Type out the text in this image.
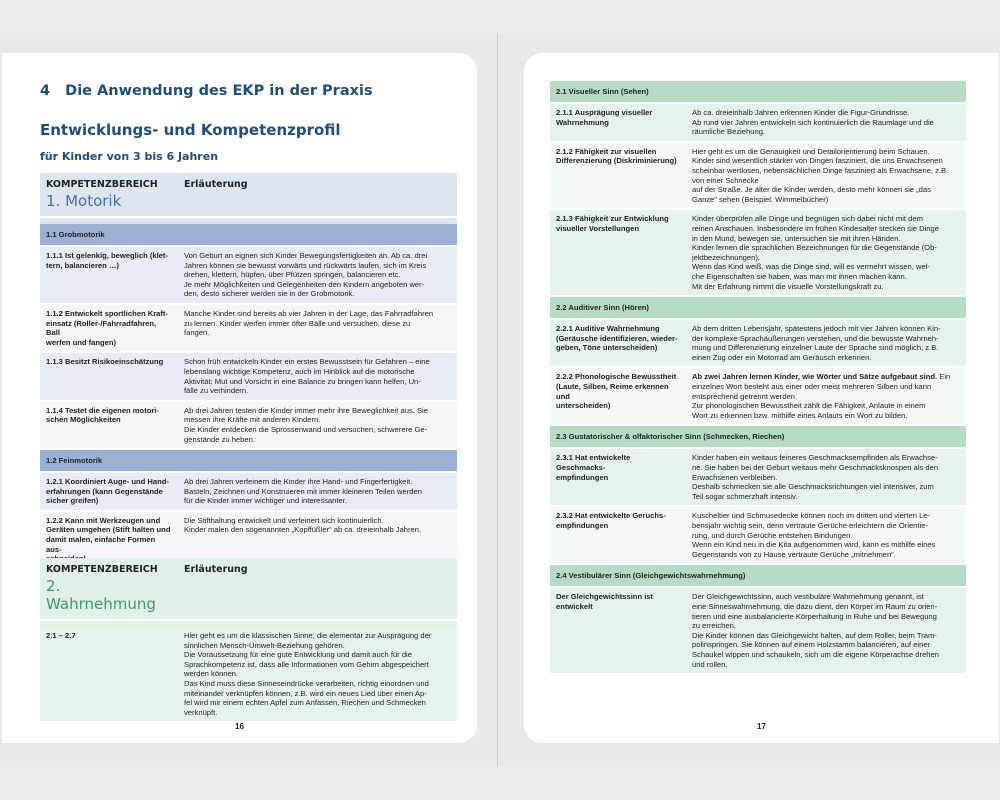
4 Die Anwendung des EKP in der Praxis
Entwicklungs- und Kompetenzprofil
für Kinder von 3 bis 6 Jahren
KOMPETENZBEREICH
1. Motorik
Erläuterung
1.1 Grobmotorik
1.1.1 Ist gelenkig, beweglich (klet-
tern, balancieren …)
Von Geburt an eignen sich Kinder Bewegungsfertigkeiten an. Ab ca. drei
Jahren können sie bewusst vorwärts und rückwärts laufen, sich im Kreis
drehen, klettern, hüpfen, über Pfützen springen, balancieren etc.
Je mehr Möglichkeiten und Gelegenheiten den Kindern angeboten wer-
den, desto sicherer werden sie in der Grobmotorik.
1.1.2 Entwickelt sportlichen Kraft-
einsatz (Roller-/Fahrradfahren, Ball
werfen und fangen)
Manche Kinder sind bereits ab vier Jahren in der Lage, das Fahrradfahren
zu lernen. Kinder werfen immer öfter Bälle und versuchen, diese zu
fangen.
1.1.3 Besitzt Risikoeinschätzung	Schon früh entwickeln Kinder ein erstes Bewusstsein für Gefahren – eine
lebenslang wichtige Kompetenz, auch im Hinblick auf die motorische
Aktivität: Mut und Vorsicht in eine Balance zu bringen kann helfen, Un-
fälle zu verhindern.
1.1.4 Testet die eigenen motori-
schen Möglichkeiten
Ab drei Jahren testen die Kinder immer mehr ihre Beweglichkeit aus. Sie
messen ihre Kräfte mit anderen Kindern.
Die Kinder entdecken die Sprossenwand und versuchen, schwerere Ge-
genstände zu heben.
1.2 Feinmotorik
1.2.1 Koordiniert Auge- und Hand-
erfahrungen (kann Gegenstände
sicher greifen)
Ab drei Jahren verfeinern die Kinder ihre Hand- und Fingerfertigkeit.
Basteln, Zeichnen und Konstruieren mit immer kleineren Teilen werden
für die Kinder immer wichtiger und interessanter.
1.2.2 Kann mit Werkzeugen und
Geräten umgehen (Stift halten und
damit malen, einfache Formen aus-

Die Stifthaltung entwickelt und verfeinert sich kontinuierlich.
Kinder malen den sogenannten „Kopffüßler“ ab ca. dreieinhalb Jahren.
KOMPETENZBEREICH
2. Wahrnehmung
Erläuterung
2.1 – 2.7	Hier geht es um die klassischen Sinne, die elementar zur Ausprägung der
sinnlichen Mensch-Umwelt-Beziehung gehören.
Die Voraussetzung für eine gute Entwicklung und damit auch für die
Sprachkompetenz ist, dass alle Informationen vom Gehirn abgespeichert
werden können.
Das Kind muss diese Sinneseindrücke verarbeiten, richtig einordnen und
miteinander verknüpfen können, z.B. wird ein neues Lied über einen Ap-
fel wird mir einem echten Apfel zum Anfassen, Riechen und Schmecken
verknüpft.
16
2.1 Visueller Sinn (Sehen)
2.1.1 Ausprägung visueller
Wahrnehmung
Ab ca. dreieinhalb Jahren erkennen Kinder die Figur-Grundrisse.
Ab rund vier Jahren entwickeln sich kontinuierlich die Raumlage und die
räumliche Beziehung.
2.1.2 Fähigkeit zur visuellen
Differenzierung (Diskriminierung)
Hier geht es um die Genauigkeit und Detailorientierung beim Schauen.
Kinder sind wesentlich stärker von Dingen fasziniert, die uns Erwachsenen
scheinbar wertlosen, nebensächlichen Dinge fasziniert als Erwachsene, z.B. von einer Schnecke
auf der Straße. Je älter die Kinder werden, desto mehr können sie „das
Ganze“ sehen (Beispiel: Wimmelbücher)
2.1.3 Fähigkeit zur Entwicklung
visueller Vorstellungen
Kinder überprüfen alle Dinge und begnügen sich dabei nicht mit dem
reinen Anschauen. Insbesondere im frühen Kindesalter stecken sie Dinge
in den Mund, bewegen sie, untersuchen sie mit ihren Händen.
Kinder lernen die sprachlichen Bezeichnungen für die Gegenstände (Ob-
jektbezeichnungen).
Wenn das Kind weiß, was die Dinge sind, will es vermehrt wissen, wel-
che Eigenschaften sie haben, was man mit ihnen machen kann.
Mit der Erfahrung nimmt die visuelle Vorstellungskraft zu.
2.2 Auditiver Sinn (Hören)
2.2.1 Auditive Wahrnehmung
(Geräusche identifizieren, wieder-
geben, Töne unterscheiden)
Ab dem dritten Lebensjahr, spätestens jedoch mit vier Jahren können Kin-
der komplexe Sprachäußerungen verstehen, und die bewusste Wahrneh-
mung und Differenzierung einzelner Laute der Sprache sind möglich; z.B.
einen Zug oder ein Motorrad am Geräusch erkennen.
2.2.2 Phonologische Bewusstheit
(Laute, Silben, Reime erkennen und
unterscheiden)
Ab zwei Jahren lernen Kinder, wie Wörter und Sätze aufgebaut sind. Ein
einzelnes Wort besteht aus einer oder meist mehreren Silben und kann
entsprechend getrennt werden.
Zur phonologischen Bewusstheit zählt die Fähigkeit, Anlaute in einem
Wort zu erkennen bzw. mithilfe eines Anlauts ein Wort zu bilden.
2.3 Gustatorischer & olfaktorischer Sinn (Schmecken, Riechen)
2.3.1 Hat entwickelte Geschmacks-
empfindungen
Kinder haben ein weitaus feineres Geschmacksempfinden als Erwachse-
ne. Sie haben bei der Geburt weitaus mehr Geschmacksknospen als den
Erwachsenen verbleiben.
Deshalb schmecken sie alle Geschmacksrichtungen viel intensiver, zum
Teil sogar schmerzhaft intensiv.
2.3.2 Hat entwickelte Geruchs-
empfindungen
Kuscheltier und Schmusedecke können noch im dritten und vierten Le-
bensjahr wichtig sein, denn vertraute Gerüche erleichtern die Orientie-
rung, und durch Gerüche entstehen Bindungen.
Wenn ein Kind neu in die Kita aufgenommen wird, kann es mithilfe eines
Gegenstands von zu Hause vertraute Gerüche „mitnehmen“.
2.4 Vestibulärer Sinn (Gleichgewichtswahrnehmung)
Der Gleichgewichtssinn ist
entwickelt
Der Gleichgewichtssinn, auch vestibuläre Wahrnehmung genannt, ist
eine Sinneswahrnehmung, die dazu dient, den Körper im Raum zu orien-
tieren und eine ausbalancierte Körperhaltung in Ruhe und bei Bewegung
zu erreichen.
Die Kinder können das Gleichgewicht halten, auf dem Roller, beim Tram-
polinspringen. Sie können auf einem Holzstamm balancieren, auf einer
Schaukel wippen und schaukeln, sich um die eigene Körperachse drehen
und rollen.
17
